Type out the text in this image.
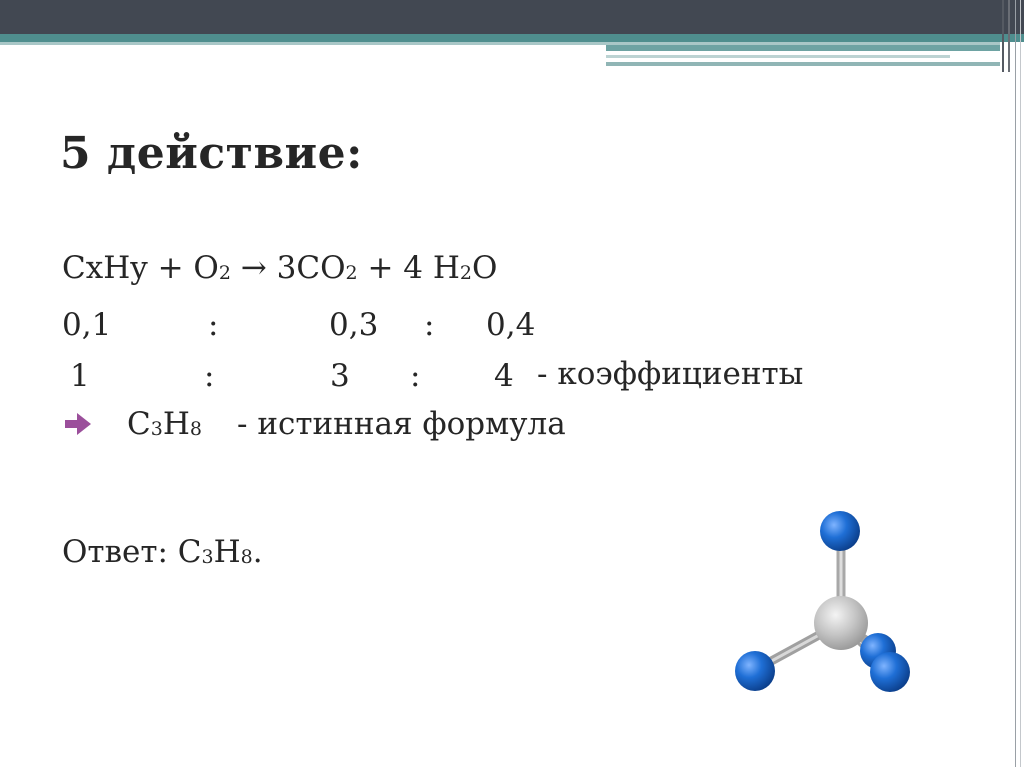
5 действие:
CxHy + O2 → 3CO2 + 4 H2O
0,1	:	0,3 : 0,4
1	:	3 : 4 - коэффициенты
C3H8 - истинная формула
Ответ: C3H8.
